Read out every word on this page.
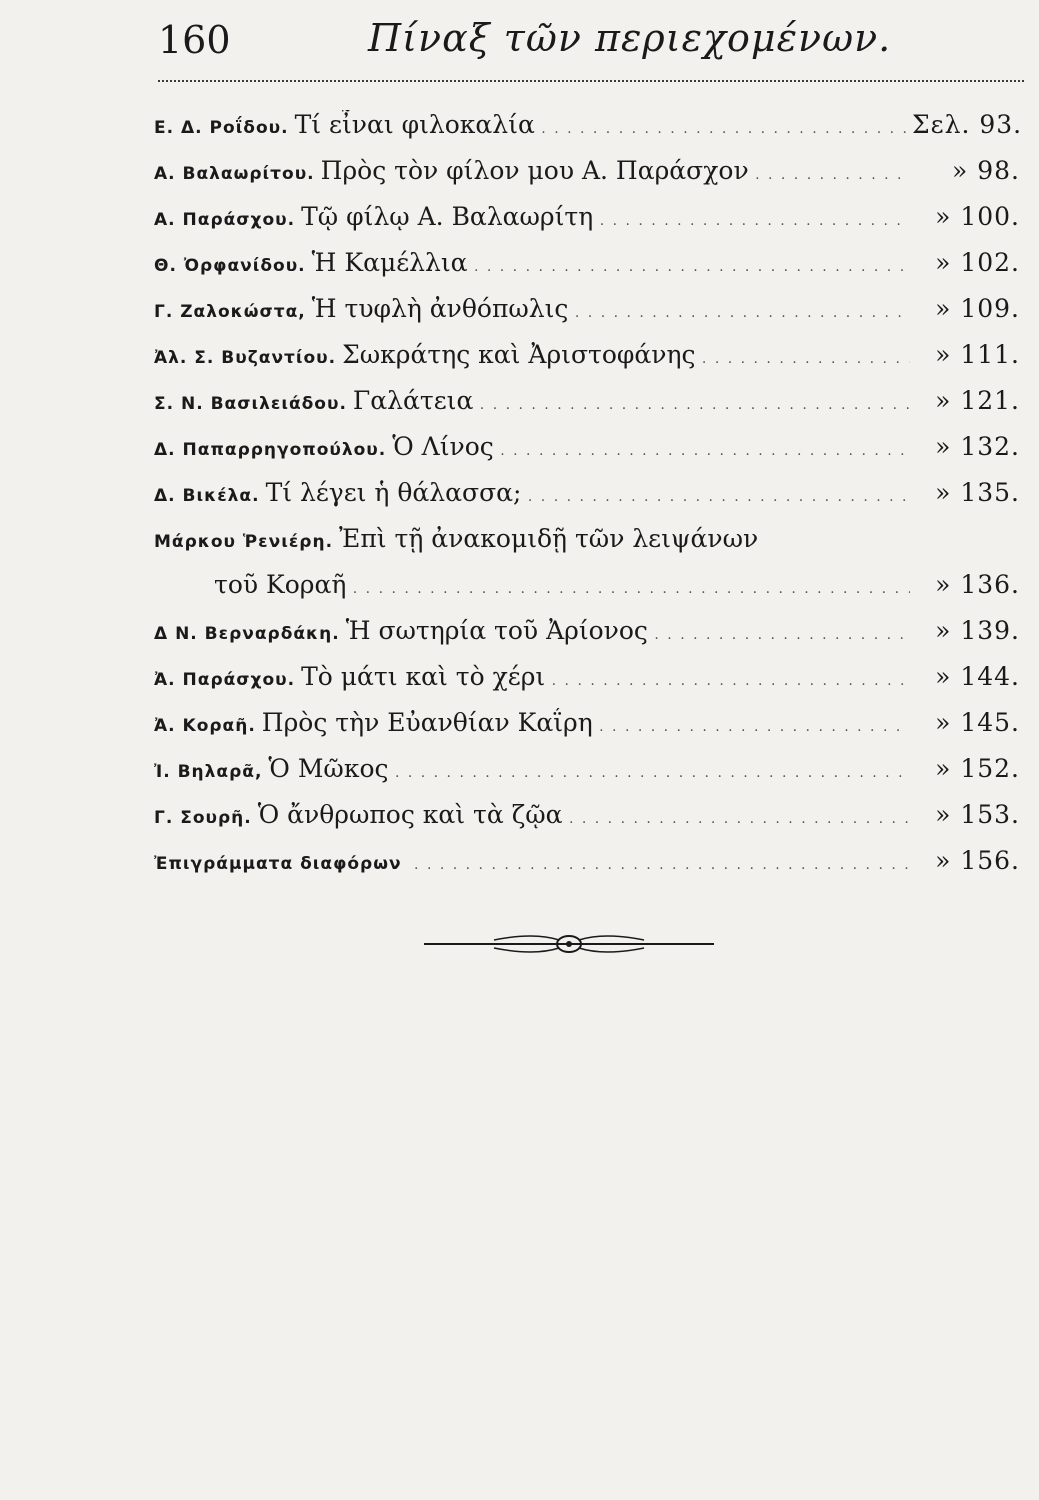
160	Πίναξ τῶν περιεχομένων.
Ε. Δ. Ροΐδου. Τί εἶναι φιλοκαλία . . .	Σελ. 93.
Α. Βαλαωρίτου. Πρὸς τὸν φίλον μου Α. Παράσχον . . .	» 98.
Α. Παράσχου. Τῷ φίλῳ Α. Βαλαωρίτη . . .	» 100.
Θ. Ὀρφανίδου. Ἡ Καμέλλια . . .	» 102.
Γ. Ζαλοκώστα, Ἡ τυφλὴ ἀνθόπωλις . . .	» 109.
Ἀλ. Σ. Βυζαντίου. Σωκράτης καὶ Ἀριστοφάνης . . .	» 111.
Σ. Ν. Βασιλειάδου. Γαλάτεια . . .	» 121.
Δ. Παπαρρηγοπούλου. Ὁ Λίνος . . .	» 132.
Δ. Βικέλα. Τί λέγει ἡ θάλασσα; . . .	» 135.
Μάρκου Ῥενιέρη. Ἐπὶ τῇ ἀνακομιδῇ τῶν λειψάνων
τοῦ Κοραῆ . . .	» 136.
Δ Ν. Βερναρδάκη. Ἡ σωτηρία τοῦ Ἀρίονος . . .	» 139.
Ἀ. Παράσχου. Τὸ μάτι καὶ τὸ χέρι . . .	» 144.
Ἀ. Κοραῆ. Πρὸς τὴν Εὐανθίαν Καΐρη . . .	» 145.
Ἰ. Βηλαρᾶ, Ὁ Μῶκος . . .	» 152.
Γ. Σουρῆ. Ὁ ἄνθρωπος καὶ τὰ ζῷα . . .	» 153.
Ἐπιγράμματα διαφόρων . . .	» 156.
